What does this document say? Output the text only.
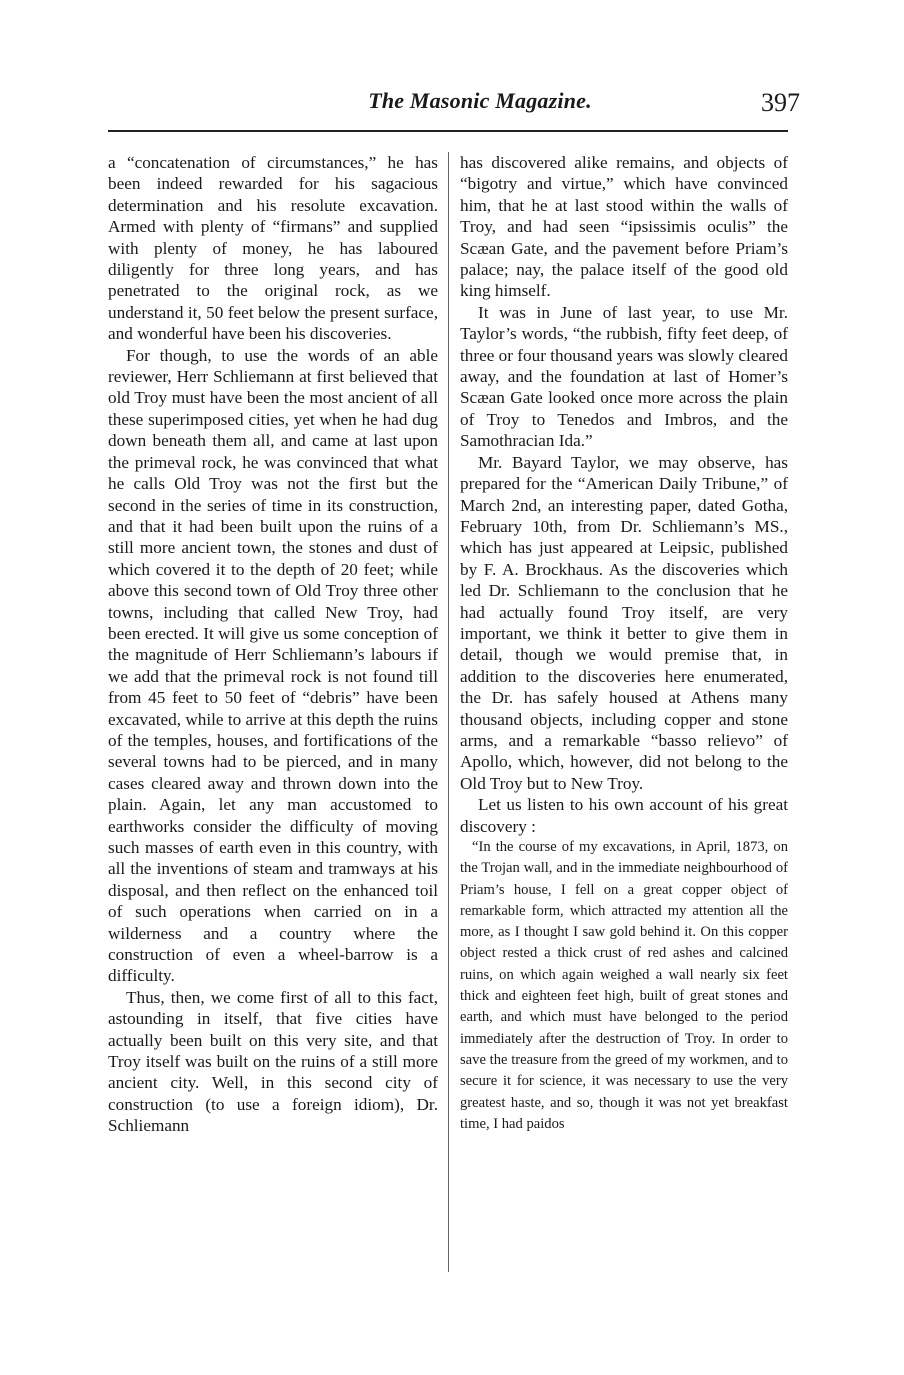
The Masonic Magazine.	397

a “concatenation of circumstances,” he has been indeed rewarded for his sagacious determination and his resolute excavation. Armed with plenty of “firmans” and supplied with plenty of money, he has laboured diligently for three long years, and has penetrated to the original rock, as we understand it, 50 feet below the present surface, and wonderful have been his discoveries.

For though, to use the words of an able reviewer, Herr Schliemann at first believed that old Troy must have been the most ancient of all these superimposed cities, yet when he had dug down beneath them all, and came at last upon the primeval rock, he was convinced that what he calls Old Troy was not the first but the second in the series of time in its construction, and that it had been built upon the ruins of a still more ancient town, the stones and dust of which covered it to the depth of 20 feet; while above this second town of Old Troy three other towns, including that called New Troy, had been erected. It will give us some conception of the magnitude of Herr Schliemann’s labours if we add that the primeval rock is not found till from 45 feet to 50 feet of “debris” have been excavated, while to arrive at this depth the ruins of the temples, houses, and fortifications of the several towns had to be pierced, and in many cases cleared away and thrown down into the plain. Again, let any man accustomed to earthworks consider the difficulty of moving such masses of earth even in this country, with all the inventions of steam and tramways at his disposal, and then reflect on the enhanced toil of such operations when carried on in a wilderness and a country where the construction of even a wheel-barrow is a difficulty.

Thus, then, we come first of all to this fact, astounding in itself, that five cities have actually been built on this very site, and that Troy itself was built on the ruins of a still more ancient city. Well, in this second city of construction (to use a foreign idiom), Dr. Schliemann

has discovered alike remains, and objects of “bigotry and virtue,” which have convinced him, that he at last stood within the walls of Troy, and had seen “ipsissimis oculis” the Scæan Gate, and the pavement before Priam’s palace; nay, the palace itself of the good old king himself.

It was in June of last year, to use Mr. Taylor’s words, “the rubbish, fifty feet deep, of three or four thousand years was slowly cleared away, and the foundation at last of Homer’s Scæan Gate looked once more across the plain of Troy to Tenedos and Imbros, and the Samothracian Ida.”

Mr. Bayard Taylor, we may observe, has prepared for the “American Daily Tribune,” of March 2nd, an interesting paper, dated Gotha, February 10th, from Dr. Schliemann’s MS., which has just appeared at Leipsic, published by F. A. Brockhaus. As the discoveries which led Dr. Schliemann to the conclusion that he had actually found Troy itself, are very important, we think it better to give them in detail, though we would premise that, in addition to the discoveries here enumerated, the Dr. has safely housed at Athens many thousand objects, including copper and stone arms, and a remarkable “basso relievo” of Apollo, which, however, did not belong to the Old Troy but to New Troy.

Let us listen to his own account of his great discovery :

“In the course of my excavations, in April, 1873, on the Trojan wall, and in the immediate neighbourhood of Priam’s house, I fell on a great copper object of remarkable form, which attracted my attention all the more, as I thought I saw gold behind it. On this copper object rested a thick crust of red ashes and calcined ruins, on which again weighed a wall nearly six feet thick and eighteen feet high, built of great stones and earth, and which must have belonged to the period immediately after the destruction of Troy. In order to save the treasure from the greed of my workmen, and to secure it for science, it was necessary to use the very greatest haste, and so, though it was not yet breakfast time, I had paidos
